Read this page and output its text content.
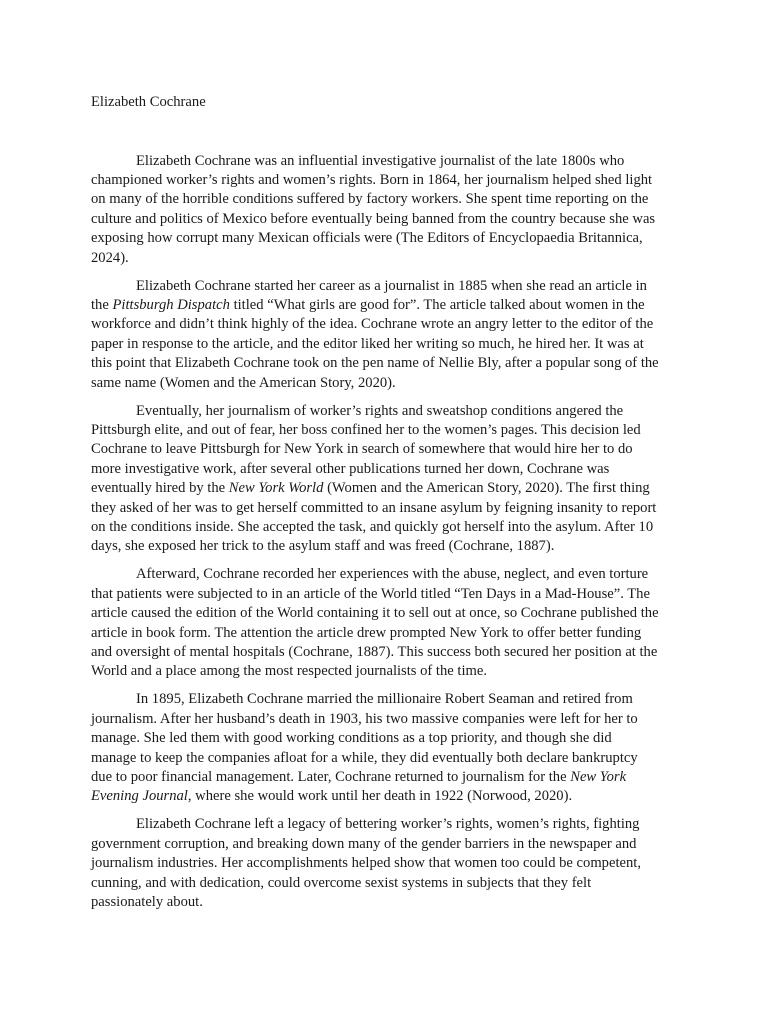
Elizabeth Cochrane

Elizabeth Cochrane was an influential investigative journalist of the late 1800s who
championed worker’s rights and women’s rights. Born in 1864, her journalism helped shed light
on many of the horrible conditions suffered by factory workers. She spent time reporting on the
culture and politics of Mexico before eventually being banned from the country because she was
exposing how corrupt many Mexican officials were (The Editors of Encyclopaedia Britannica,
2024).

Elizabeth Cochrane started her career as a journalist in 1885 when she read an article in
the Pittsburgh Dispatch titled “What girls are good for”. The article talked about women in the
workforce and didn’t think highly of the idea. Cochrane wrote an angry letter to the editor of the
paper in response to the article, and the editor liked her writing so much, he hired her. It was at
this point that Elizabeth Cochrane took on the pen name of Nellie Bly, after a popular song of the
same name (Women and the American Story, 2020).

Eventually, her journalism of worker’s rights and sweatshop conditions angered the
Pittsburgh elite, and out of fear, her boss confined her to the women’s pages. This decision led
Cochrane to leave Pittsburgh for New York in search of somewhere that would hire her to do
more investigative work, after several other publications turned her down, Cochrane was
eventually hired by the New York World (Women and the American Story, 2020). The first thing
they asked of her was to get herself committed to an insane asylum by feigning insanity to report
on the conditions inside. She accepted the task, and quickly got herself into the asylum. After 10
days, she exposed her trick to the asylum staff and was freed (Cochrane, 1887).

Afterward, Cochrane recorded her experiences with the abuse, neglect, and even torture
that patients were subjected to in an article of the World titled “Ten Days in a Mad-House”. The
article caused the edition of the World containing it to sell out at once, so Cochrane published the
article in book form. The attention the article drew prompted New York to offer better funding
and oversight of mental hospitals (Cochrane, 1887). This success both secured her position at the
World and a place among the most respected journalists of the time.

In 1895, Elizabeth Cochrane married the millionaire Robert Seaman and retired from
journalism. After her husband’s death in 1903, his two massive companies were left for her to
manage. She led them with good working conditions as a top priority, and though she did
manage to keep the companies afloat for a while, they did eventually both declare bankruptcy
due to poor financial management. Later, Cochrane returned to journalism for the New York
Evening Journal, where she would work until her death in 1922 (Norwood, 2020).

Elizabeth Cochrane left a legacy of bettering worker’s rights, women’s rights, fighting
government corruption, and breaking down many of the gender barriers in the newspaper and
journalism industries. Her accomplishments helped show that women too could be competent,
cunning, and with dedication, could overcome sexist systems in subjects that they felt
passionately about.
